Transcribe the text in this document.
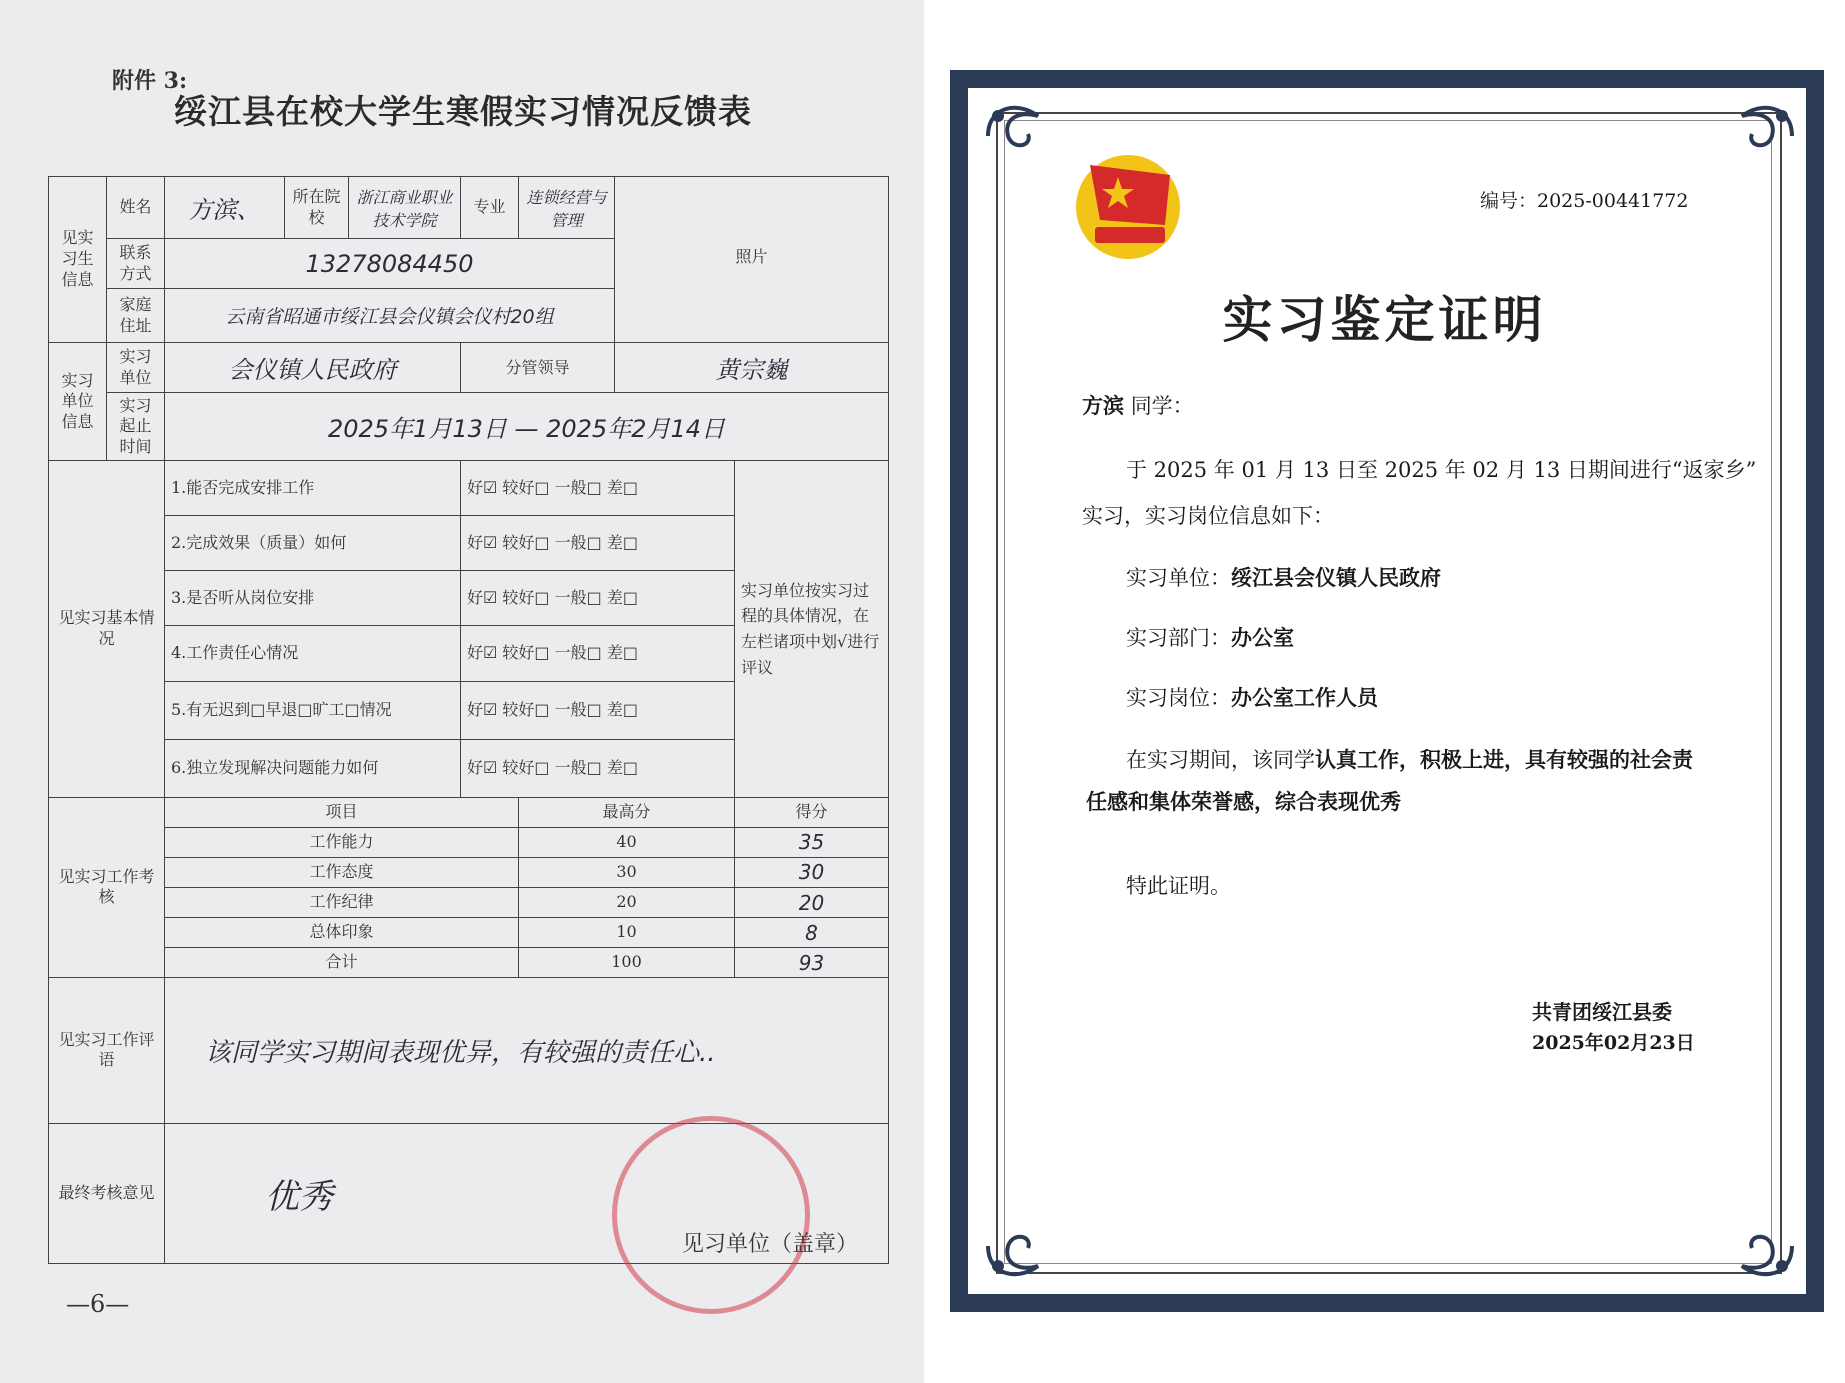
附件 3:
绥江县在校大学生寒假实习情况反馈表
见实习生信息	姓名	方滨、	所在院校	浙江商业职业技术学院	专业	连锁经营与管理	照片	
	联系方式	13278084450						
	家庭住址	云南省昭通市绥江县会仪镇会仪村20组						
实习单位信息	实习单位	会仪镇人民政府			分管领导		黄宗巍	
	实习起止时间	2025年1月13日 — 2025年2月14日						
见实习基本情况		1.能否完成安排工作			好☑ 较好□ 一般□ 差□			实习单位按实习过程的具体情况，在左栏诸项中划√进行评议
		2.完成效果（质量）如何			好☑ 较好□ 一般□ 差□			
		3.是否听从岗位安排			好☑ 较好□ 一般□ 差□			
		4.工作责任心情况			好☑ 较好□ 一般□ 差□			
		5.有无迟到□早退□旷工□情况			好☑ 较好□ 一般□ 差□			
		6.独立发现解决问题能力如何			好☑ 较好□ 一般□ 差□			
见实习工作考核		项目				最高分		得分
		工作能力				40		35
		工作态度				30		30
		工作纪律				20		20
		总体印象				10		8
		合计				100		93
见实习工作评语		该同学实习期间表现优异，有较强的责任心..						
最终考核意见		优秀						
见习单位（盖章）
—6—
编号：2025-00441772
实习鉴定证明
方滨 同学：
于 2025 年 01 月 13 日至 2025 年 02 月 13 日期间进行“返家乡”
实习，实习岗位信息如下：
实习单位：绥江县会仪镇人民政府
实习部门：办公室
实习岗位：办公室工作人员
在实习期间，该同学认真工作，积极上进，具有较强的社会责
任感和集体荣誉感，综合表现优秀
特此证明。
共青团绥江县委
2025年02月23日
